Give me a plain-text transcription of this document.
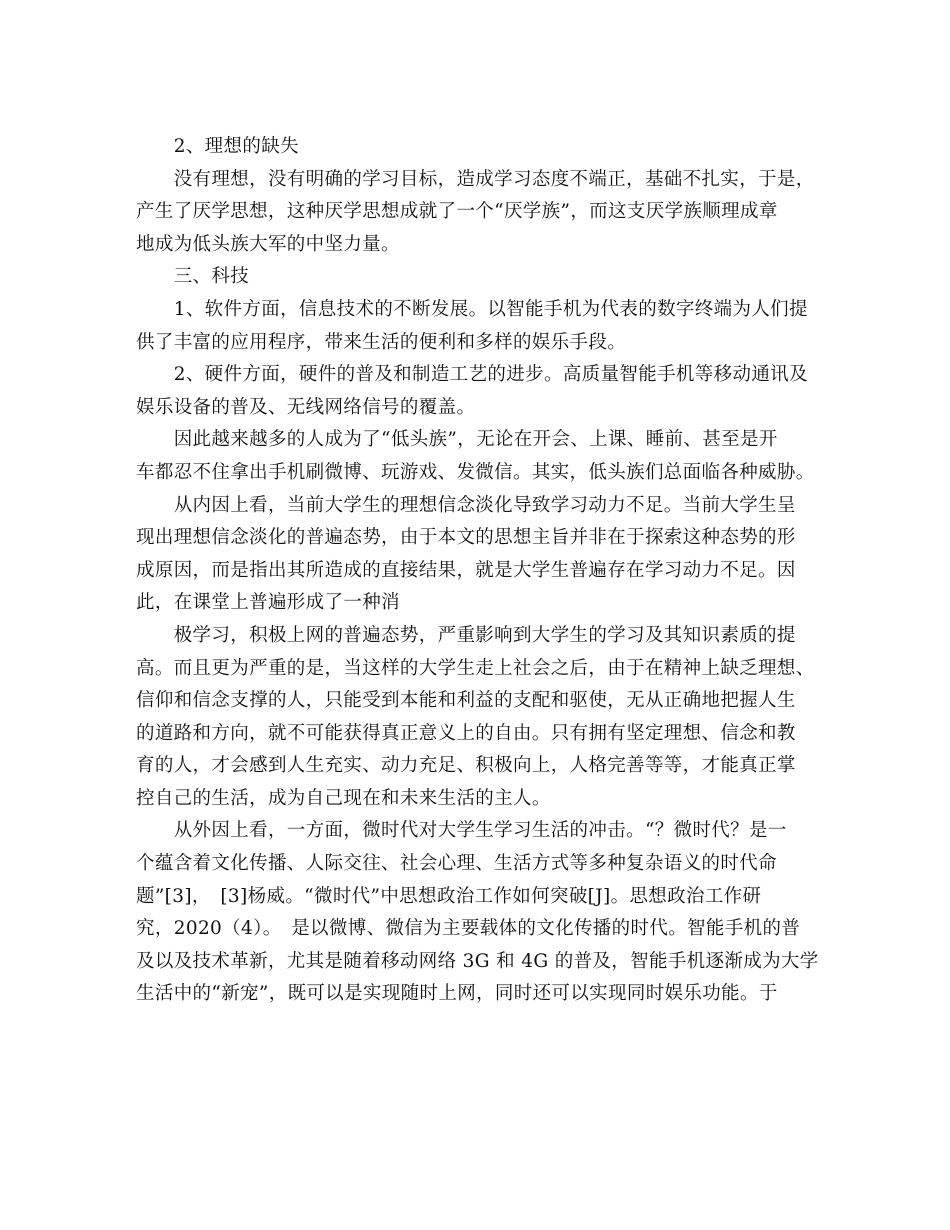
　　2、理想的缺失
　　没有理想，没有明确的学习目标，造成学习态度不端正，基础不扎实，于是，
产生了厌学思想，这种厌学思想成就了一个“厌学族”，而这支厌学族顺理成章
地成为低头族大军的中坚力量。
　　三、科技
　　1、软件方面，信息技术的不断发展。以智能手机为代表的数字终端为人们提
供了丰富的应用程序，带来生活的便利和多样的娱乐手段。
　　2、硬件方面，硬件的普及和制造工艺的进步。高质量智能手机等移动通讯及
娱乐设备的普及、无线网络信号的覆盖。
　　因此越来越多的人成为了“低头族”，无论在开会、上课、睡前、甚至是开
车都忍不住拿出手机刷微博、玩游戏、发微信。其实，低头族们总面临各种威胁。
　　从内因上看，当前大学生的理想信念淡化导致学习动力不足。当前大学生呈
现出理想信念淡化的普遍态势，由于本文的思想主旨并非在于探索这种态势的形
成原因，而是指出其所造成的直接结果，就是大学生普遍存在学习动力不足。因
此，在课堂上普遍形成了一种消
　　极学习，积极上网的普遍态势，严重影响到大学生的学习及其知识素质的提
高。而且更为严重的是，当这样的大学生走上社会之后，由于在精神上缺乏理想、
信仰和信念支撑的人，只能受到本能和利益的支配和驱使，无从正确地把握人生
的道路和方向，就不可能获得真正意义上的自由。只有拥有坚定理想、信念和教
育的人，才会感到人生充实、动力充足、积极向上，人格完善等等，才能真正掌
控自己的生活，成为自己现在和未来生活的主人。
　　从外因上看，一方面，微时代对大学生学习生活的冲击。“？微时代？是一
个蕴含着文化传播、人际交往、社会心理、生活方式等多种复杂语义的时代命
题”[3]，　[3]杨威。“微时代”中思想政治工作如何突破[J]。思想政治工作研
究，2020（4）。　是以微博、微信为主要载体的文化传播的时代。智能手机的普
及以及技术革新，尤其是随着移动网络 3G 和 4G 的普及，智能手机逐渐成为大学
生活中的“新宠”，既可以是实现随时上网，同时还可以实现同时娱乐功能。于
